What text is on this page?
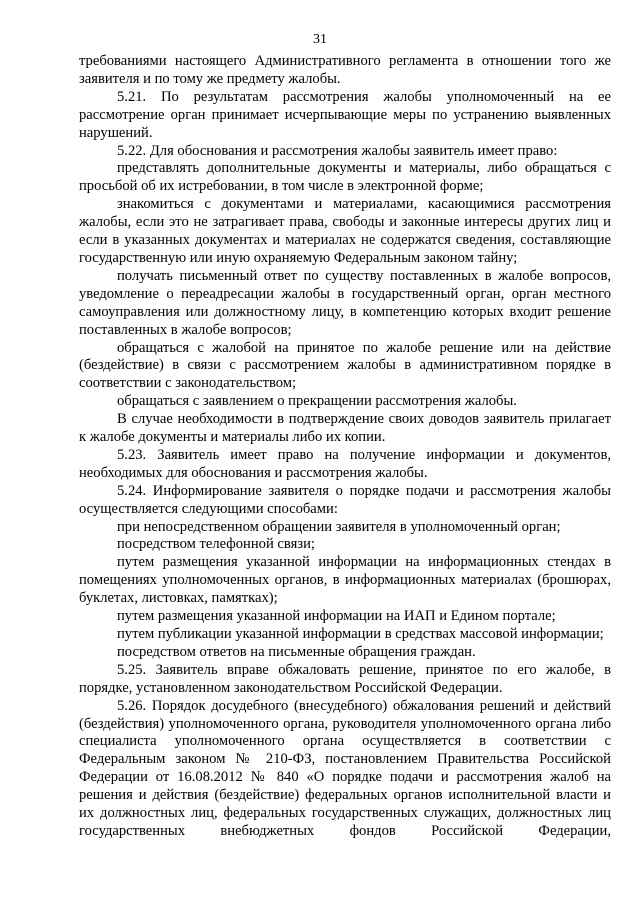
31

требованиями настоящего Административного регламента в отношении того же заявителя и по тому же предмету жалобы.

5.21. По результатам рассмотрения жалобы уполномоченный на ее рассмотрение орган принимает исчерпывающие меры по устранению выявленных нарушений.

5.22. Для обоснования и рассмотрения жалобы заявитель имеет право:

представлять дополнительные документы и материалы, либо обращаться с просьбой об их истребовании, в том числе в электронной форме;

знакомиться с документами и материалами, касающимися рассмотрения жалобы, если это не затрагивает права, свободы и законные интересы других лиц и если в указанных документах и материалах не содержатся сведения, составляющие государственную или иную охраняемую Федеральным законом тайну;

получать письменный ответ по существу поставленных в жалобе вопросов, уведомление о переадресации жалобы в государственный орган, орган местного самоуправления или должностному лицу, в компетенцию которых входит решение поставленных в жалобе вопросов;

обращаться с жалобой на принятое по жалобе решение или на действие (бездействие) в связи с рассмотрением жалобы в административном порядке в соответствии с законодательством;

обращаться с заявлением о прекращении рассмотрения жалобы.

В случае необходимости в подтверждение своих доводов заявитель прилагает к жалобе документы и материалы либо их копии.

5.23. Заявитель имеет право на получение информации и документов, необходимых для обоснования и рассмотрения жалобы.

5.24. Информирование заявителя о порядке подачи и рассмотрения жалобы осуществляется следующими способами:

при непосредственном обращении заявителя в уполномоченный орган;

посредством телефонной связи;

путем размещения указанной информации на информационных стендах в помещениях уполномоченных органов, в информационных материалах (брошюрах, буклетах, листовках, памятках);

путем размещения указанной информации на ИАП и Едином портале;

путем публикации указанной информации в средствах массовой информации;

посредством ответов на письменные обращения граждан.

5.25. Заявитель вправе обжаловать решение, принятое по его жалобе, в порядке, установленном законодательством Российской Федерации.

5.26. Порядок досудебного (внесудебного) обжалования решений и действий (бездействия) уполномоченного органа, руководителя уполномоченного органа либо специалиста уполномоченного органа осуществляется в соответствии с Федеральным законом № 210-ФЗ, постановлением Правительства Российской Федерации от 16.08.2012 № 840 «О порядке подачи и рассмотрения жалоб на решения и действия (бездействие) федеральных органов исполнительной власти и их должностных лиц, федеральных государственных служащих, должностных лиц государственных внебюджетных фондов Российской Федерации,
